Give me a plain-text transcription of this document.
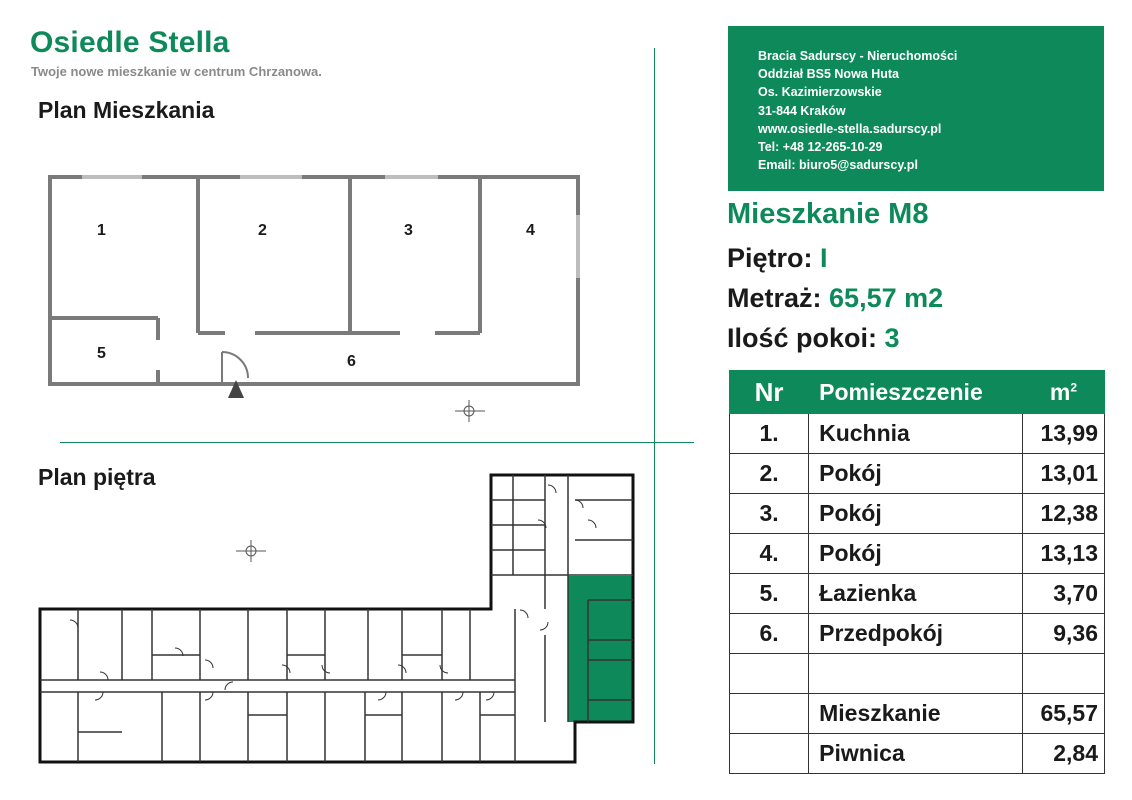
Osiedle Stella
Twoje nowe mieszkanie w centrum Chrzanowa.
Plan Mieszkania
Plan piętra
1	2	3	4
5	6
Bracia Sadurscy - Nieruchomości
Oddział BS5 Nowa Huta
Os. Kazimierzowskie
31-844 Kraków
www.osiedle-stella.sadurscy.pl
Tel: +48 12-265-10-29
Email: biuro5@sadurscy.pl
Mieszkanie M8
Piętro: I
Metraż: 65,57 m2
Ilość pokoi: 3
Nr	Pomieszczenie	$m^2$
1.	Kuchnia	13,99
2.	Pokój	13,01
3.	Pokój	12,38
4.	Pokój	13,13
5.	Łazienka	3,70
6.	Przedpokój	9,36

	Mieszkanie	65,57
	Piwnica	2,84
